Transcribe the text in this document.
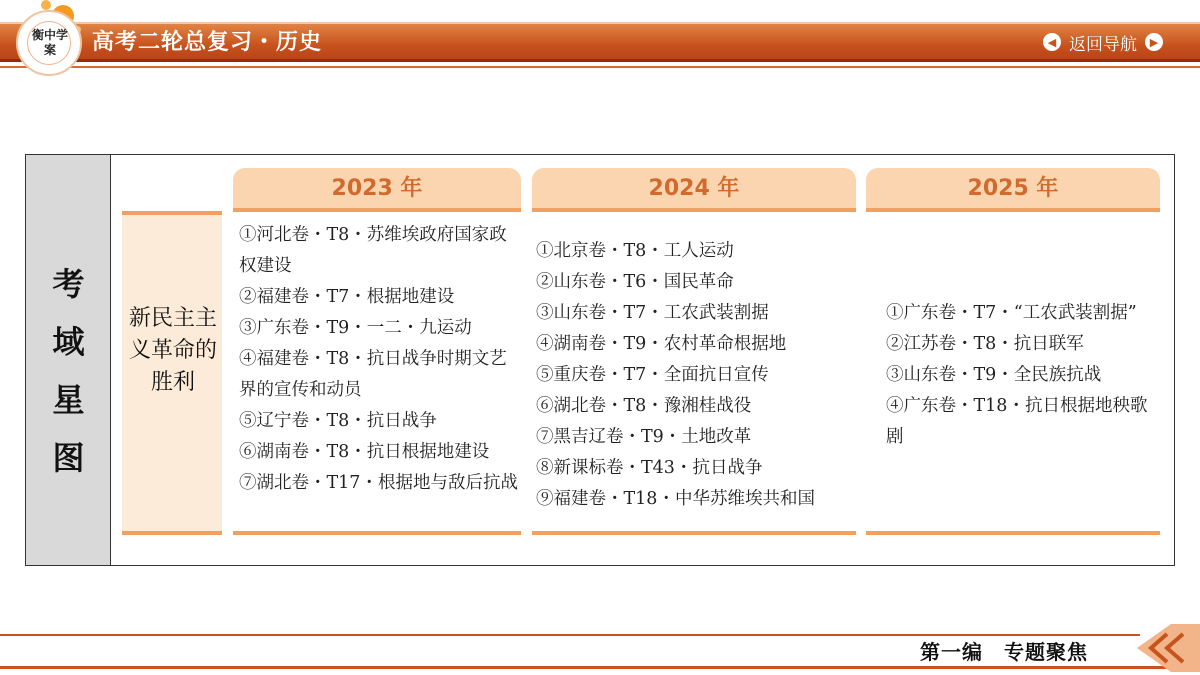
衡中学案	高考二轮总复习・历史	◀ 返回导航	▶
考
域
星
图
新民主主义革命的胜利
2023 年	2024 年	2025 年
①河北卷・T8・苏维埃政府国家政权建设
②福建卷・T7・根据地建设
③广东卷・T9・一二・九运动
④福建卷・T8・抗日战争时期文艺界的宣传和动员
⑤辽宁卷・T8・抗日战争
⑥湖南卷・T8・抗日根据地建设
⑦湖北卷・T17・根据地与敌后抗战
①北京卷・T8・工人运动
②山东卷・T6・国民革命
③山东卷・T7・工农武装割据
④湖南卷・T9・农村革命根据地
⑤重庆卷・T7・全面抗日宣传
⑥湖北卷・T8・豫湘桂战役
⑦黑吉辽卷・T9・土地改革
⑧新课标卷・T43・抗日战争
⑨福建卷・T18・中华苏维埃共和国
①广东卷・T7・“工农武装割据”
②江苏卷・T8・抗日联军
③山东卷・T9・全民族抗战
④广东卷・T18・抗日根据地秧歌剧
第一编　专题聚焦
